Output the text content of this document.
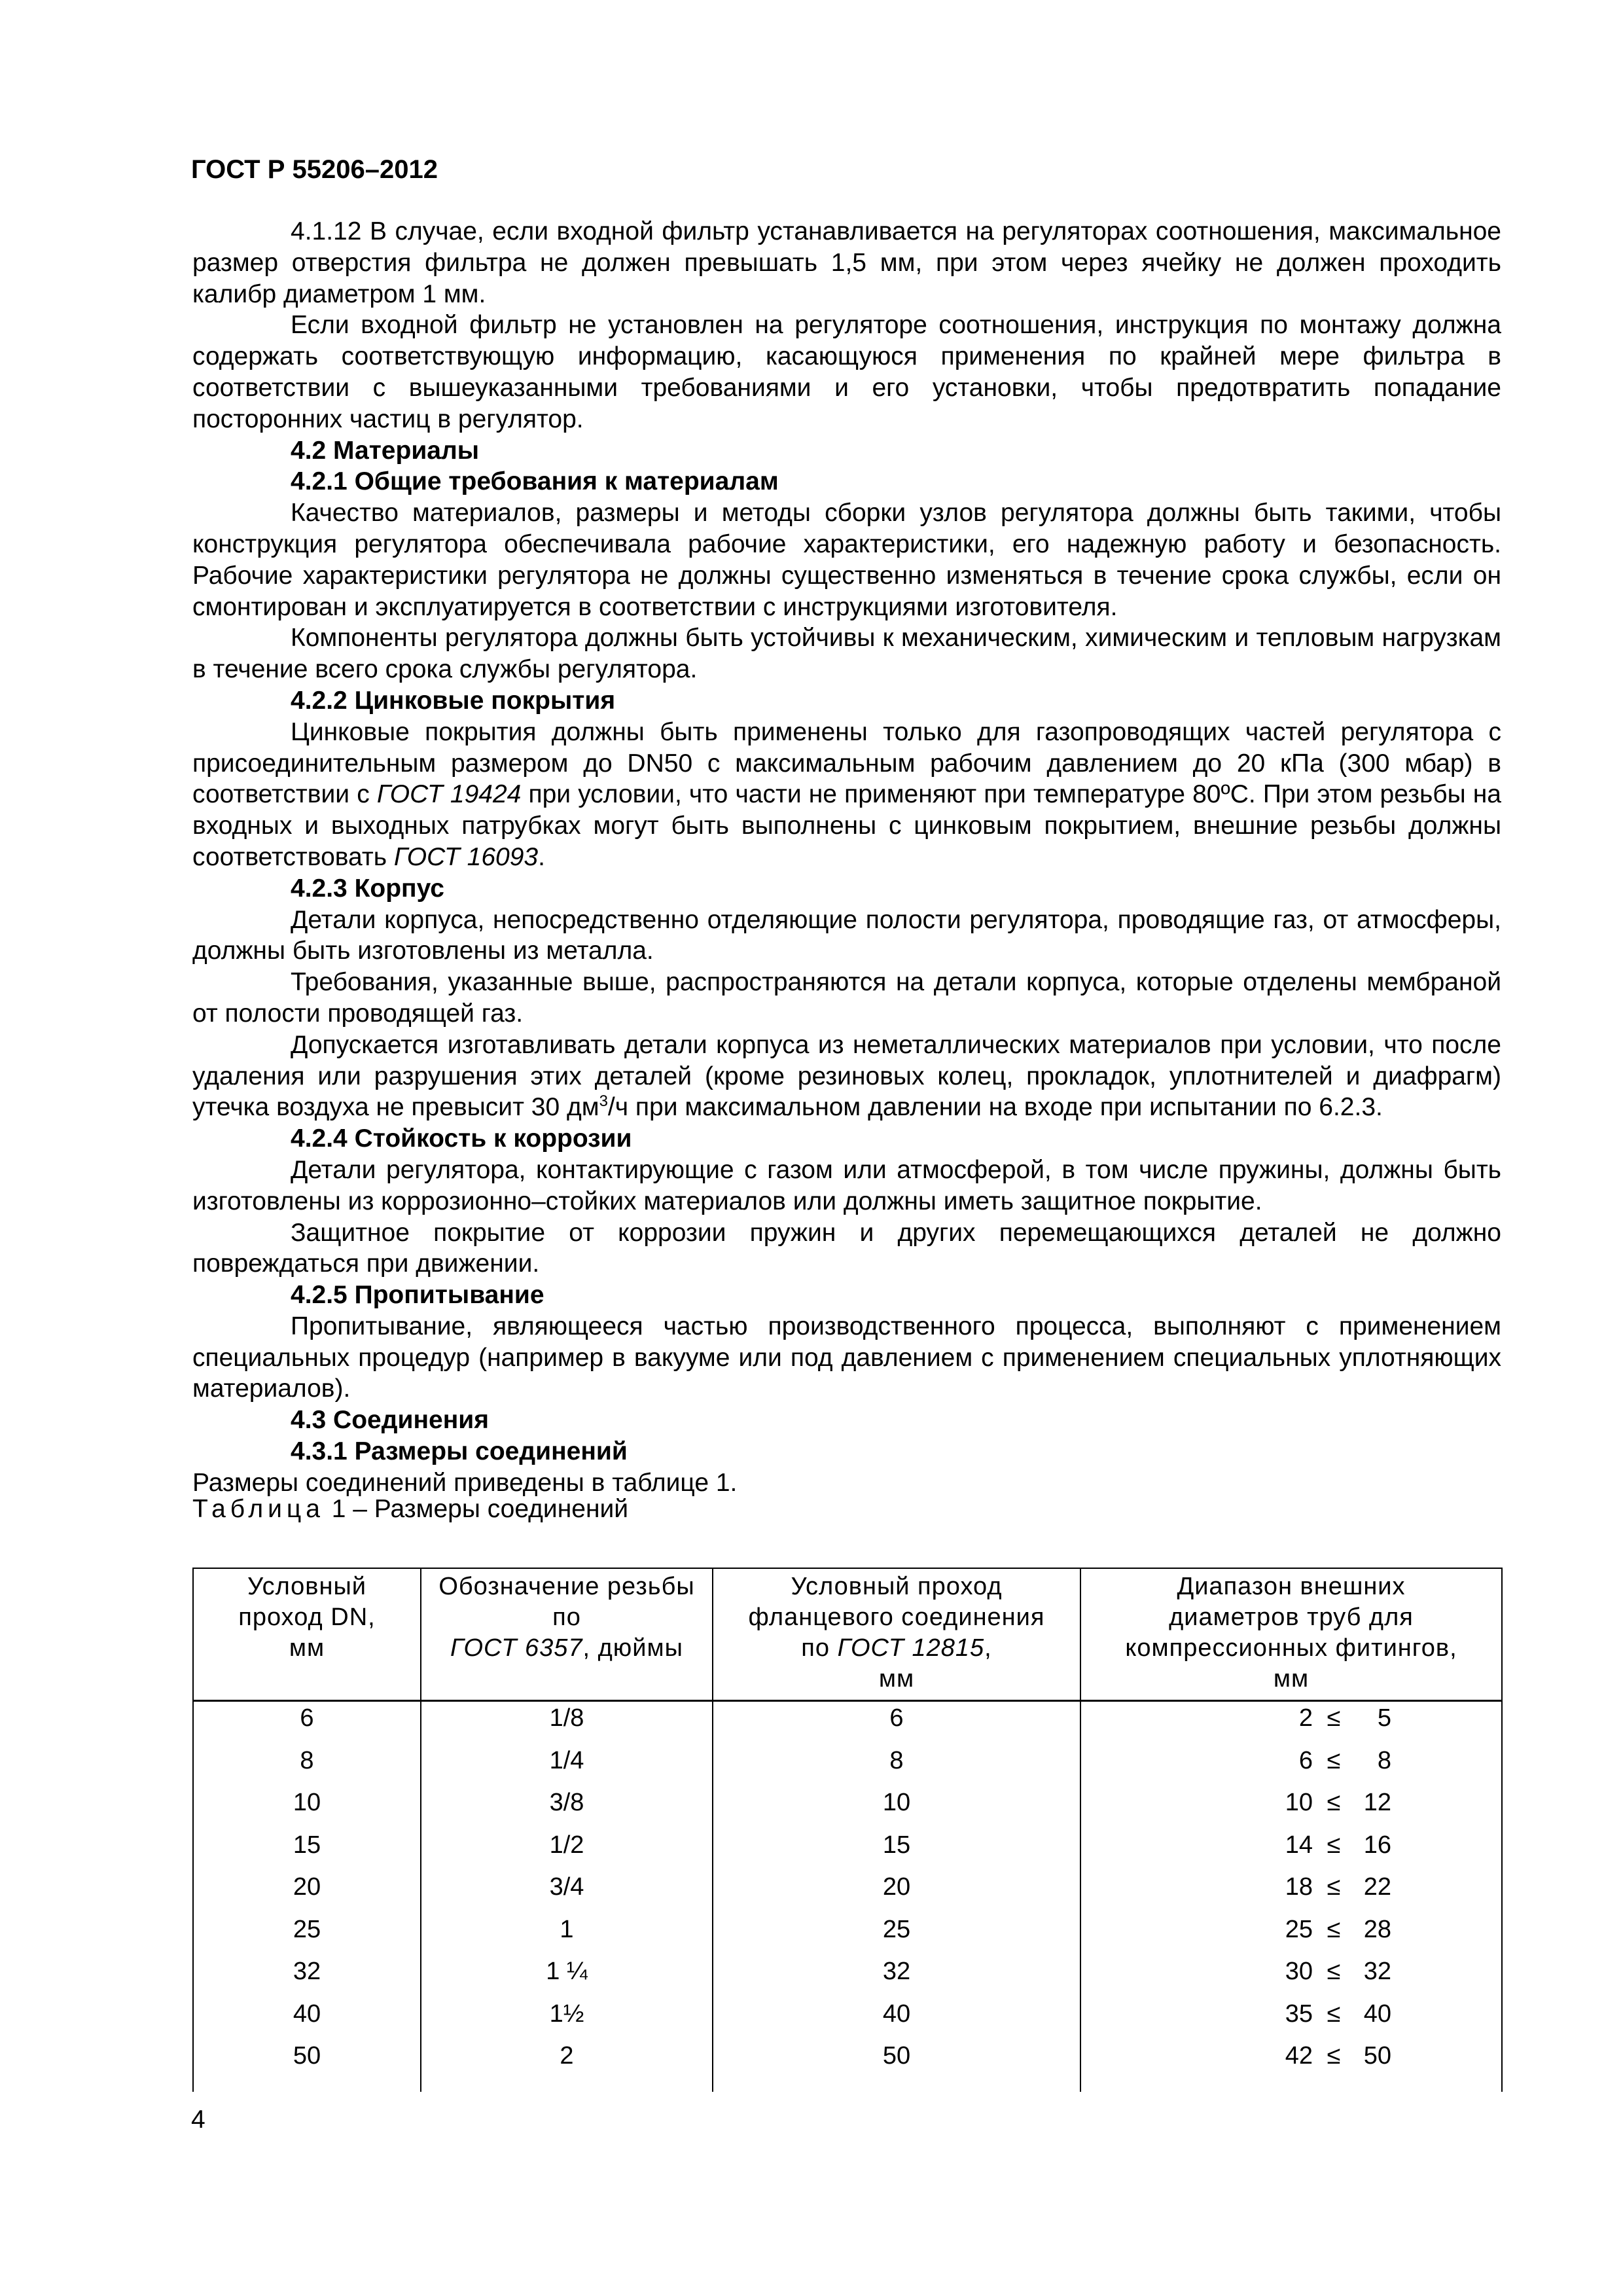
ГОСТ Р 55206–2012

4.1.12 В случае, если входной фильтр устанавливается на регуляторах соотношения, максимальное размер отверстия фильтра не должен превышать 1,5 мм, при этом через ячейку не должен проходить калибр диаметром 1 мм.

Если входной фильтр не установлен на регуляторе соотношения, инструкция по монтажу должна содержать соответствующую информацию, касающуюся применения по крайней мере фильтра в соответствии с вышеуказанными требованиями и его установки, чтобы предотвратить попадание посторонних частиц в регулятор.

4.2 Материалы

4.2.1 Общие требования к материалам

Качество материалов, размеры и методы сборки узлов регулятора должны быть такими, чтобы конструкция регулятора обеспечивала рабочие характеристики, его надежную работу и безопасность. Рабочие характеристики регулятора не должны существенно изменяться в течение срока службы, если он смонтирован и эксплуатируется в соответствии с инструкциями изготовителя.

Компоненты регулятора должны быть устойчивы к механическим, химическим и тепловым нагрузкам в течение всего срока службы регулятора.

4.2.2 Цинковые покрытия

Цинковые покрытия должны быть применены только для газопроводящих частей регулятора с присоединительным размером до DN50 с максимальным рабочим давлением до 20 кПа (300 мбар) в соответствии с ГОСТ 19424 при условии, что части не применяют при температуре 80ºС. При этом резьбы на входных и выходных патрубках могут быть выполнены с цинковым покрытием, внешние резьбы должны соответствовать ГОСТ 16093.

4.2.3 Корпус

Детали корпуса, непосредственно отделяющие полости регулятора, проводящие газ, от атмосферы, должны быть изготовлены из металла.

Требования, указанные выше, распространяются на детали корпуса, которые отделены мембраной от полости проводящей газ.

Допускается изготавливать детали корпуса из неметаллических материалов при условии, что после удаления или разрушения этих деталей (кроме резиновых колец, прокладок, уплотнителей и диафрагм) утечка воздуха не превысит 30 $дм^3/ч$ при максимальном давлении на входе при испытании по 6.2.3.

4.2.4 Стойкость к коррозии

Детали регулятора, контактирующие с газом или атмосферой, в том числе пружины, должны быть изготовлены из коррозионно–стойких материалов или должны иметь защитное покрытие.

Защитное покрытие от коррозии пружин и других перемещающихся деталей не должно повреждаться при движении.

4.2.5 Пропитывание

Пропитывание, являющееся частью производственного процесса, выполняют с применением специальных процедур (например в вакууме или под давлением с применением специальных уплотняющих материалов).

4.3 Соединения

4.3.1 Размеры соединений

Размеры соединений приведены в таблице 1.

Таблица 1 – Размеры соединений

Условный
проход DN,
мм	Обозначение резьбы
по
ГОСТ 6357, дюймы	Условный проход
фланцевого соединения
по ГОСТ 12815,
мм	Диапазон внешних
диаметров труб для
компрессионных фитингов,
мм
6	1/8	6	2 ≤ 5
8	1/4	8	6 ≤ 8
10	3/8	10	10 ≤ 12
15	1/2	15	14 ≤ 16
20	3/4	20	18 ≤ 22
25	1	25	25 ≤ 28
32	1 ¼	32	30 ≤ 32
40	1½	40	35 ≤ 40
50	2	50	42 ≤ 50

4
